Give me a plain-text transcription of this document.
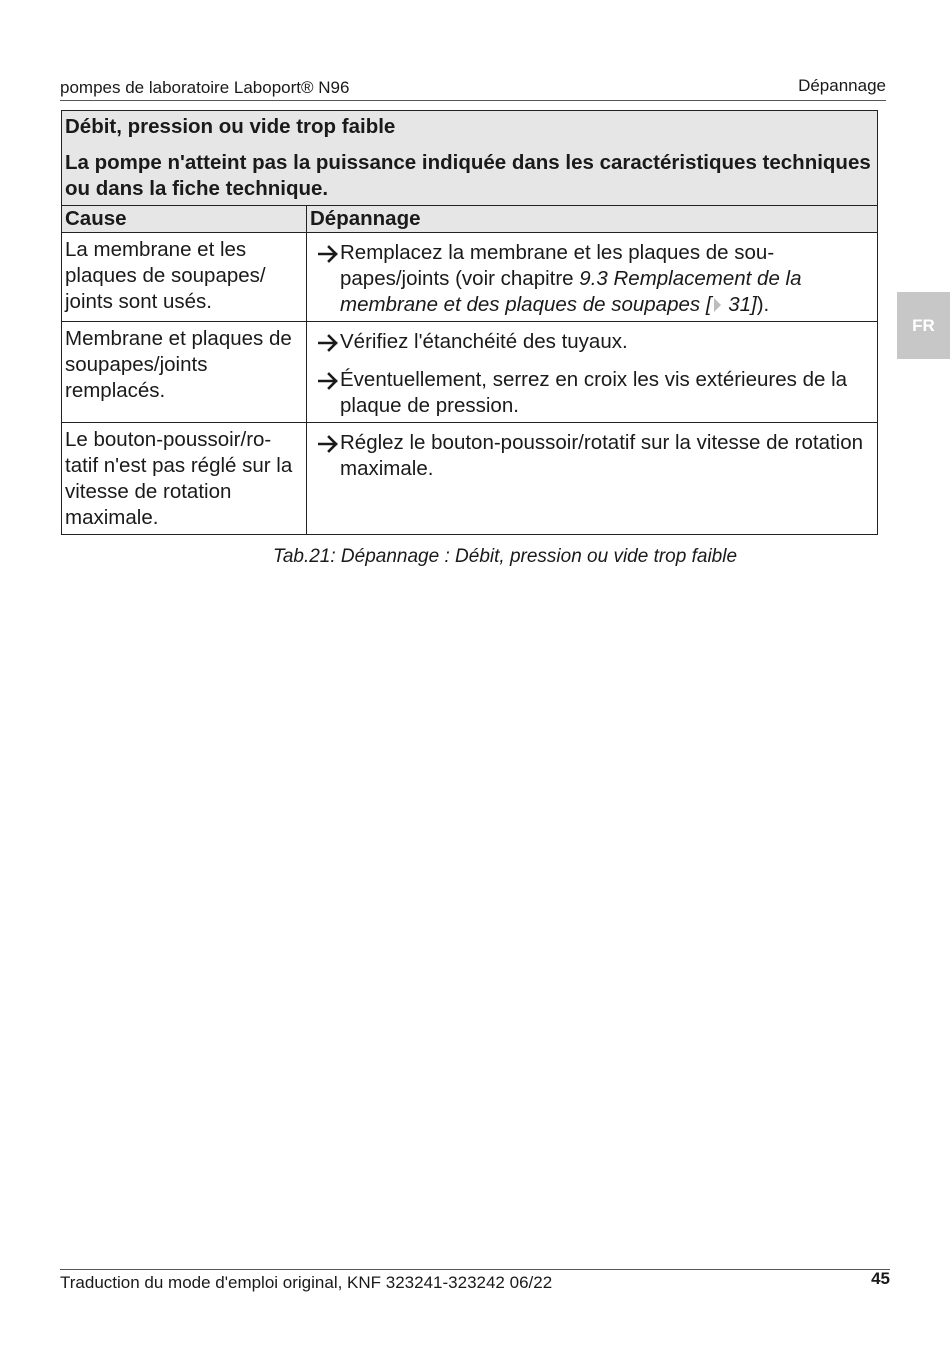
pompes de laboratoire Laboport® N96	Dépannage
FR
Débit, pression ou vide trop faible
La pompe n'atteint pas la puissance indiquée dans les caractéristiques techniques ou dans la fiche technique.	

Cause	Dépannage
La membrane et les plaques de soupapes/ joints sont usés.	Remplacez la membrane et les plaques de sou-papes/joints (voir chapitre 9.3 Remplacement de la membrane et des plaques de soupapes [ 31]).

Membrane et plaques de soupapes/joints remplacés.	Vérifiez l'étanchéité des tuyaux.
Éventuellement, serrez en croix les vis extérieures de la plaque de pression.

Le bouton-poussoir/ro-tatif n'est pas réglé sur la vitesse de rotation maximale.	Réglez le bouton-poussoir/rotatif sur la vitesse de rotation maximale.
Tab.21: Dépannage : Débit, pression ou vide trop faible
Traduction du mode d'emploi original, KNF 323241-323242 06/22	45
